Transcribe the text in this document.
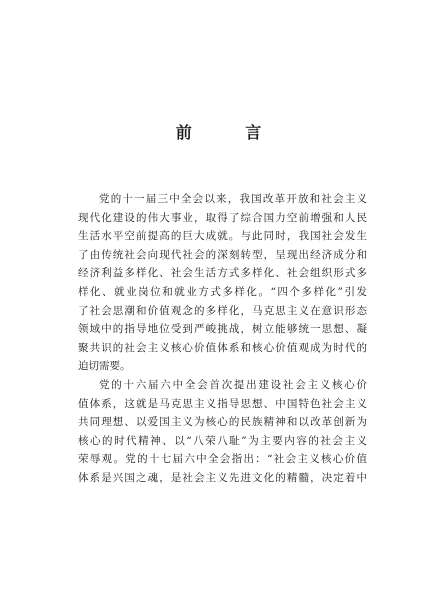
前 言
党的十一届三中全会以来，我国改革开放和社会主义
现代化建设的伟大事业，取得了综合国力空前增强和人民
生活水平空前提高的巨大成就。与此同时，我国社会发生
了由传统社会向现代社会的深刻转型，呈现出经济成分和
经济利益多样化、社会生活方式多样化、社会组织形式多
样化、就业岗位和就业方式多样化。“四个多样化”引发
了社会思潮和价值观念的多样化，马克思主义在意识形态
领域中的指导地位受到严峻挑战，树立能够统一思想、凝
聚共识的社会主义核心价值体系和核心价值观成为时代的
迫切需要。
党的十六届六中全会首次提出建设社会主义核心价
值体系，这就是马克思主义指导思想、中国特色社会主义
共同理想、以爱国主义为核心的民族精神和以改革创新为
核心的时代精神、以“八荣八耻”为主要内容的社会主义
荣辱观。党的十七届六中全会指出：“社会主义核心价值
体系是兴国之魂，是社会主义先进文化的精髓，决定着中
